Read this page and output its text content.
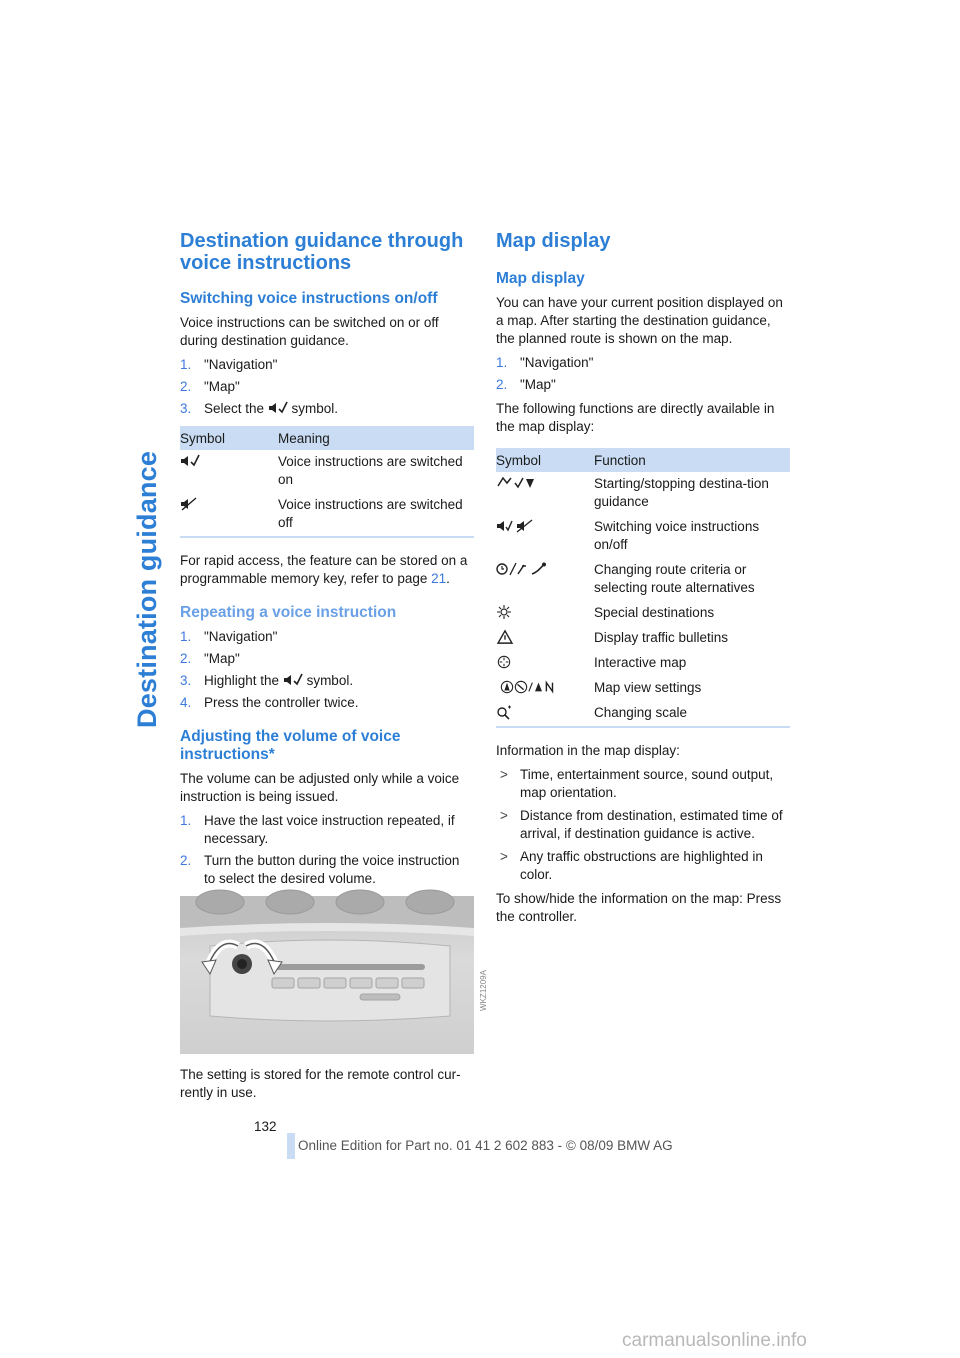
Destination guidance
Destination guidance through voice instructions
Switching voice instructions on/off

Voice instructions can be switched on or off during destination guidance.

1. "Navigation"
2. "Map"
3. Select the  symbol.
Symbol	Meaning
	Voice instructions are switched on
	Voice instructions are switched off

For rapid access, the feature can be stored on a programmable memory key, refer to page 21.

Repeating a voice instruction
1. "Navigation"
2. "Map"
3. Highlight the  symbol.
4. Press the controller twice.
Adjusting the volume of voice instructions*

The volume can be adjusted only while a voice instruction is being issued.

1. Have the last voice instruction repeated, if necessary.
2. Turn the button during the voice instruction to select the desired volume.
WKZ1209A

The setting is stored for the remote control cur-rently in use.

Map display
Map display

You can have your current position displayed on a map. After starting the destination guidance, the planned route is shown on the map.

1. "Navigation"
2. "Map"

The following functions are directly available in the map display:

Symbol	Function
	Starting/stopping destina-tion guidance
	Switching voice instructions on/off
	Changing route criteria or selecting route alternatives
	Special destinations
	Display traffic bulletins
	Interactive map
	Map view settings
	Changing scale

Information in the map display:

> Time, entertainment source, sound output, map orientation.
> Distance from destination, estimated time of arrival, if destination guidance is active.
> Any traffic obstructions are highlighted in color.

To show/hide the information on the map: Press the controller.

132
Online Edition for Part no. 01 41 2 602 883 - © 08/09 BMW AG
carmanualsonline.info
